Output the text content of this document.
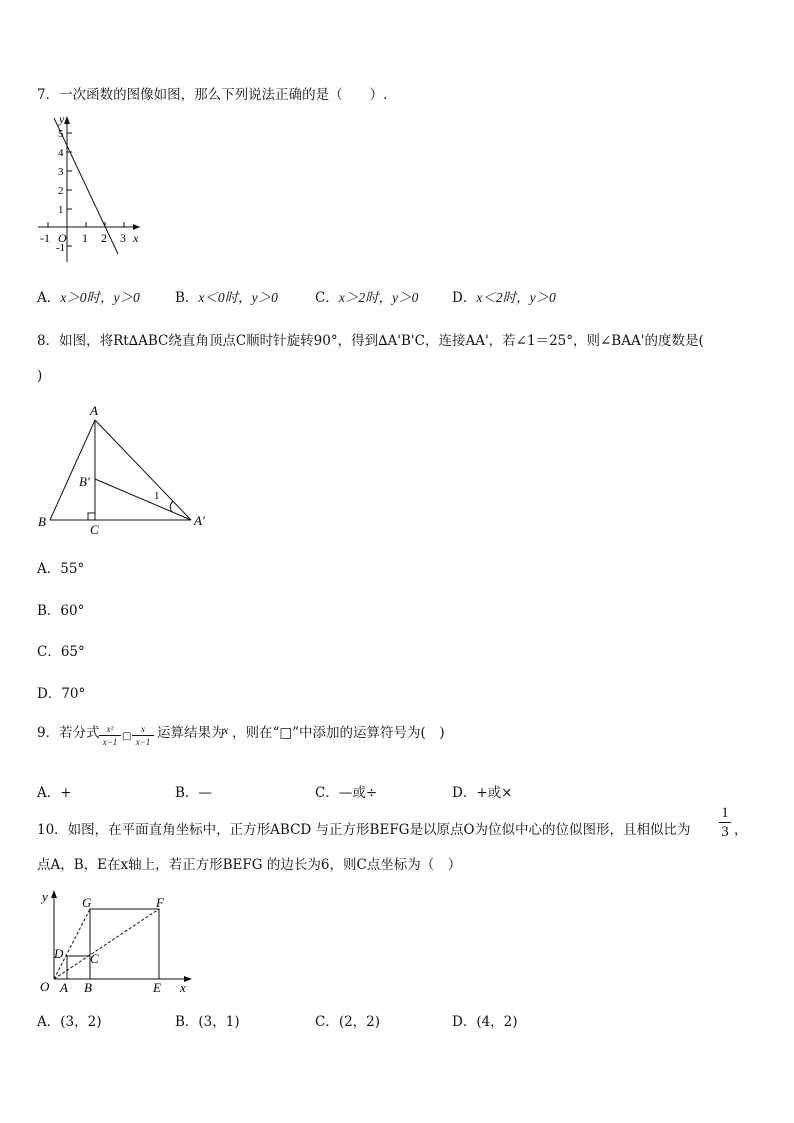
7．一次函数的图像如图，那么下列说法正确的是（　　）.
y
x
5
4
3
2
1
-1
-1 O 1 2 3
A．x＞0时，y＞0	B．x＜0时，y＞0	C．x＞2时，y＞0 D．x＜2时，y＞0
8．如图，将Rt∆ABC绕直角顶点C顺时针旋转90°，得到∆A'B'C，连接AA'，若∠1＝25°，则∠BAA'的度数是(
)
A
B
C
B′
A′
1
A．55°
B．60°
C．65°
D．70°
9．若分式 $\frac{\text{x²}}{x-1}$ □ $\frac{x}{x-1}$ 运算结果为
x ，则在“□”中添加的运算符号为(　)
A．+	B．—	C．—或÷	D．+或×
10．如图，在平面直角坐标中，正方形ABCD 与正方形BEFG是以原点O为位似中心的位似图形，且相似比为 $\frac{1}{3}$ ，
点A，B，E在x轴上，若正方形BEFG 的边长为6，则C点坐标为（　）
y
x
O A B	E
G	F
D C
A．(3，2)	B．(3，1)	C．(2，2)	D．(4，2)
